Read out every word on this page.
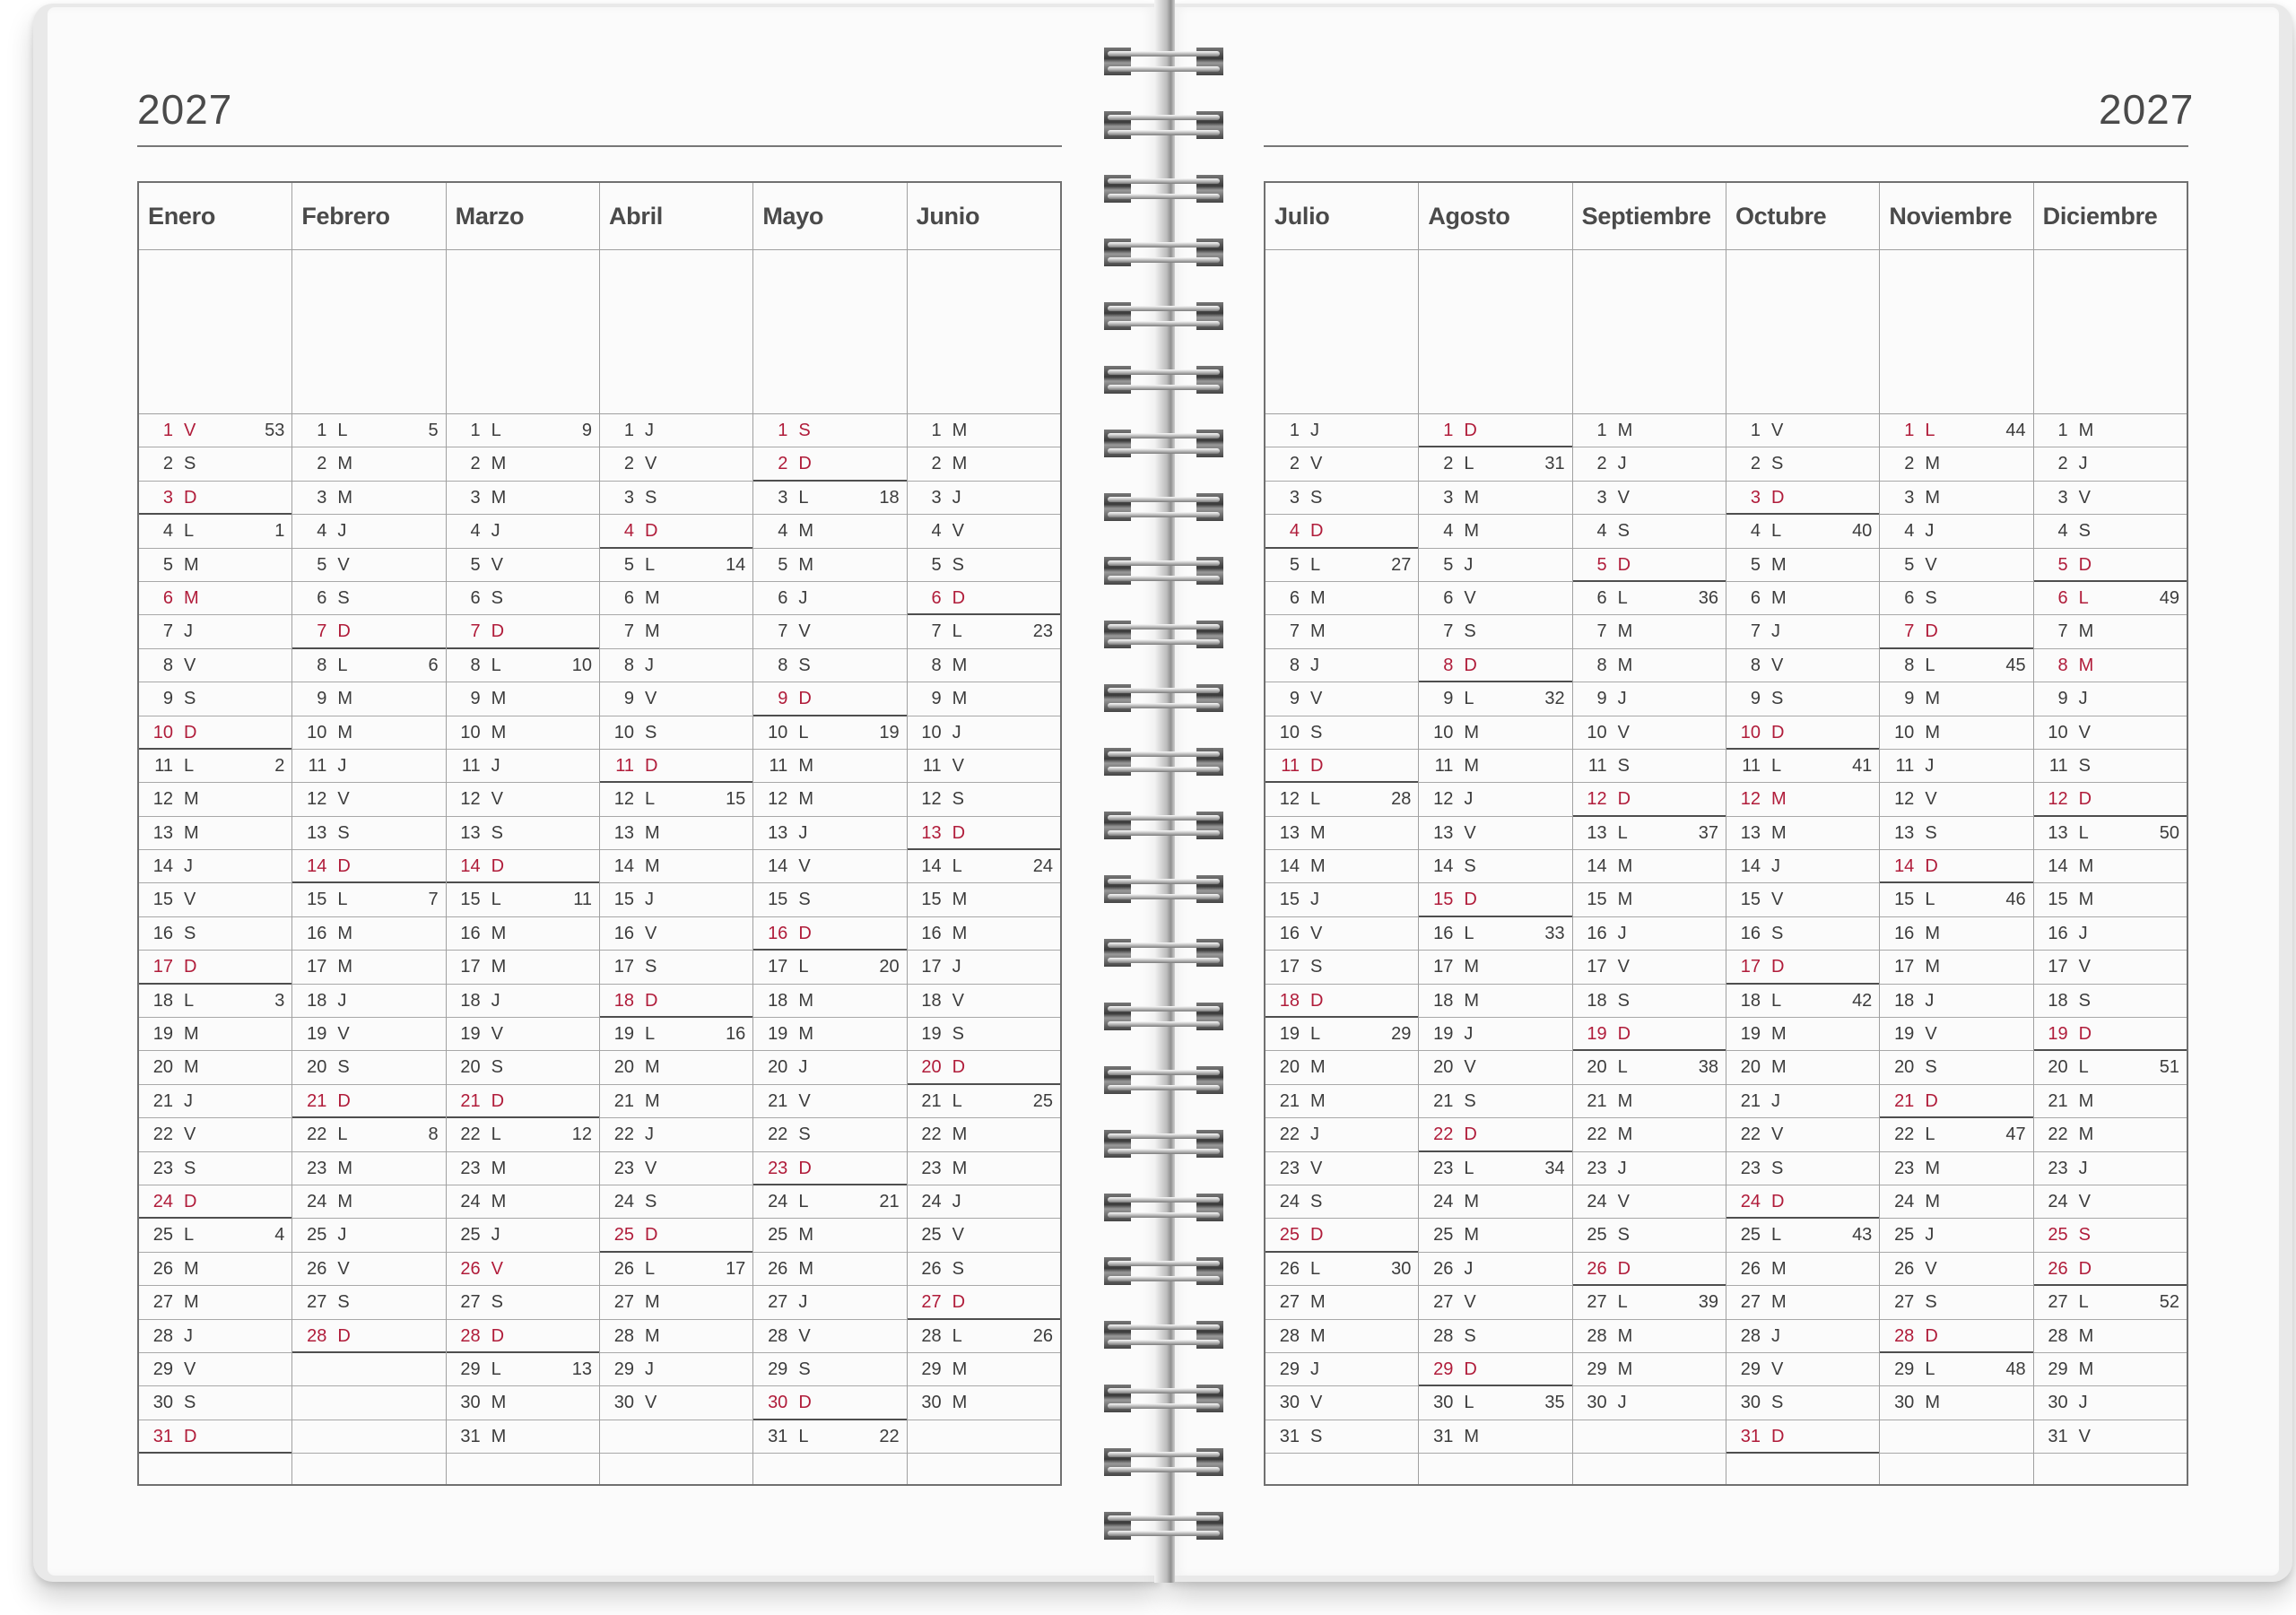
2027	2027
Enero
1 V	53
2 S
3 D
4 L	1
5 M
6 M
7 J
8 V
9 S
10 D
11 L	2
12 M
13 M
14 J
15 V
16 S
17 D
18 L	3
19 M
20 M
21 J
22 V
23 S
24 D
25 L	4
26 M
27 M
28 J
29 V
30 S
31 D
Febrero
1 L	5
2 M
3 M
4 J
5 V
6 S
7 D
8 L	6
9 M
10 M
11 J
12 V
13 S
14 D
15 L	7
16 M
17 M
18 J
19 V
20 S
21 D
22 L	8
23 M
24 M
25 J
26 V
27 S
28 D
Marzo
1 L	9
2 M
3 M
4 J
5 V
6 S
7 D
8 L	10
9 M
10 M
11 J
12 V
13 S
14 D
15 L	11
16 M
17 M
18 J
19 V
20 S
21 D
22 L	12
23 M
24 M
25 J
26 V
27 S
28 D
29 L	13
30 M
31 M
Abril
1 J
2 V
3 S
4 D
5 L	14
6 M
7 M
8 J
9 V
10 S
11 D
12 L	15
13 M
14 M
15 J
16 V
17 S
18 D
19 L	16
20 M
21 M
22 J
23 V
24 S
25 D
26 L	17
27 M
28 M
29 J
30 V
Mayo
1 S
2 D
3 L	18
4 M
5 M
6 J
7 V
8 S
9 D
10 L	19
11 M
12 M
13 J
14 V
15 S
16 D
17 L	20
18 M
19 M
20 J
21 V
22 S
23 D
24 L	21
25 M
26 M
27 J
28 V
29 S
30 D
31 L	22
Junio
1 M
2 M
3 J
4 V
5 S
6 D
7 L	23
8 M
9 M
10 J
11 V
12 S
13 D
14 L	24
15 M
16 M
17 J
18 V
19 S
20 D
21 L	25
22 M
23 M
24 J
25 V
26 S
27 D
28 L	26
29 M
30 M
Julio
1 J
2 V
3 S
4 D
5 L	27
6 M
7 M
8 J
9 V
10 S
11 D
12 L	28
13 M
14 M
15 J
16 V
17 S
18 D
19 L	29
20 M
21 M
22 J
23 V
24 S
25 D
26 L	30
27 M
28 M
29 J
30 V
31 S
Agosto
1 D
2 L	31
3 M
4 M
5 J
6 V
7 S
8 D
9 L	32
10 M
11 M
12 J
13 V
14 S
15 D
16 L	33
17 M
18 M
19 J
20 V
21 S
22 D
23 L	34
24 M
25 M
26 J
27 V
28 S
29 D
30 L	35
31 M
Septiembre
1 M
2 J
3 V
4 S
5 D
6 L	36
7 M
8 M
9 J
10 V
11 S
12 D
13 L	37
14 M
15 M
16 J
17 V
18 S
19 D
20 L	38
21 M
22 M
23 J
24 V
25 S
26 D
27 L	39
28 M
29 M
30 J
Octubre
1 V
2 S
3 D
4 L	40
5 M
6 M
7 J
8 V
9 S
10 D
11 L	41
12 M
13 M
14 J
15 V
16 S
17 D
18 L	42
19 M
20 M
21 J
22 V
23 S
24 D
25 L	43
26 M
27 M
28 J
29 V
30 S
31 D
Noviembre
1 L	44
2 M
3 M
4 J
5 V
6 S
7 D
8 L	45
9 M
10 M
11 J
12 V
13 S
14 D
15 L	46
16 M
17 M
18 J
19 V
20 S
21 D
22 L	47
23 M
24 M
25 J
26 V
27 S
28 D
29 L	48
30 M
Diciembre
1 M
2 J
3 V
4 S
5 D
6 L	49
7 M
8 M
9 J
10 V
11 S
12 D
13 L	50
14 M
15 M
16 J
17 V
18 S
19 D
20 L	51
21 M
22 M
23 J
24 V
25 S
26 D
27 L	52
28 M
29 M
30 J
31 V
